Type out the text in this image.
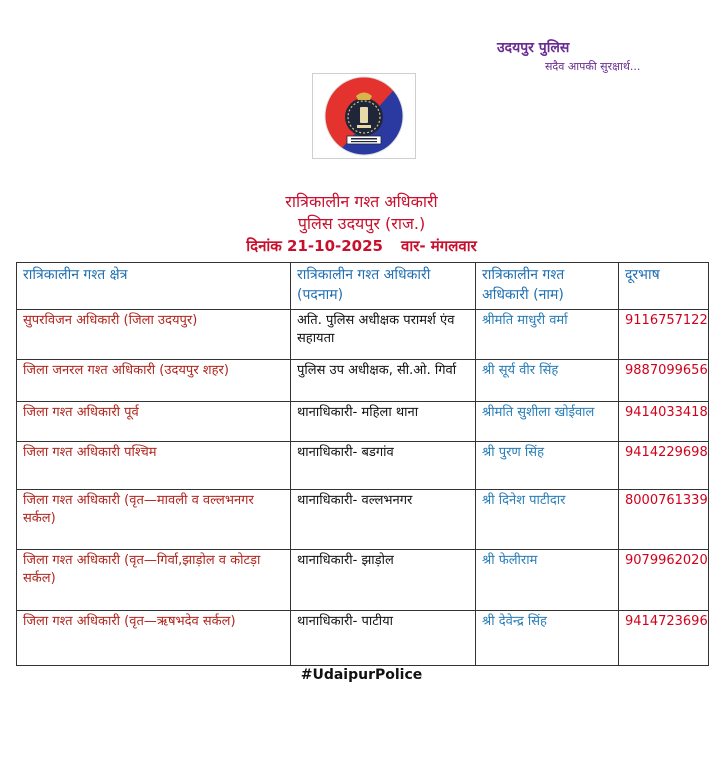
उदयपुर पुलिस
सदैव आपकी सुरक्षार्थ...
रात्रिकालीन गश्त अधिकारी
पुलिस उदयपुर (राज.)
दिनांक 21-10-2025 वार- मंगलवार
रात्रिकालीन गश्त क्षेत्र	रात्रिकालीन गश्त अधिकारी (पदनाम)	रात्रिकालीन गश्त अधिकारी (नाम)	दूरभाष
सुपरविजन अधिकारी (जिला उदयपुर)	अति. पुलिस अधीक्षक परामर्श एंव सहायता	श्रीमति माधुरी वर्मा	9116757122
जिला जनरल गश्त अधिकारी (उदयपुर शहर)	पुलिस उप अधीक्षक, सी.ओ. गिर्वा	श्री सूर्य वीर सिंह	9887099656
जिला गश्त अधिकारी पूर्व	थानाधिकारी- महिला थाना	श्रीमति सुशीला खोईवाल	9414033418
जिला गश्त अधिकारी पश्चिम	थानाधिकारी- बडगांव	श्री पुरण सिंह	9414229698
जिला गश्त अधिकारी (वृत—मावली व वल्लभनगर सर्कल)	थानाधिकारी- वल्लभनगर	श्री दिनेश पाटीदार	8000761339
जिला गश्त अधिकारी (वृत—गिर्वा,झाड़ोल व कोटड़ा सर्कल)	थानाधिकारी- झाड़ोल	श्री फेलीराम	9079962020
जिला गश्त अधिकारी (वृत—ऋषभदेव सर्कल)	थानाधिकारी- पाटीया	श्री देवेन्द्र सिंह	9414723696
#UdaipurPolice
